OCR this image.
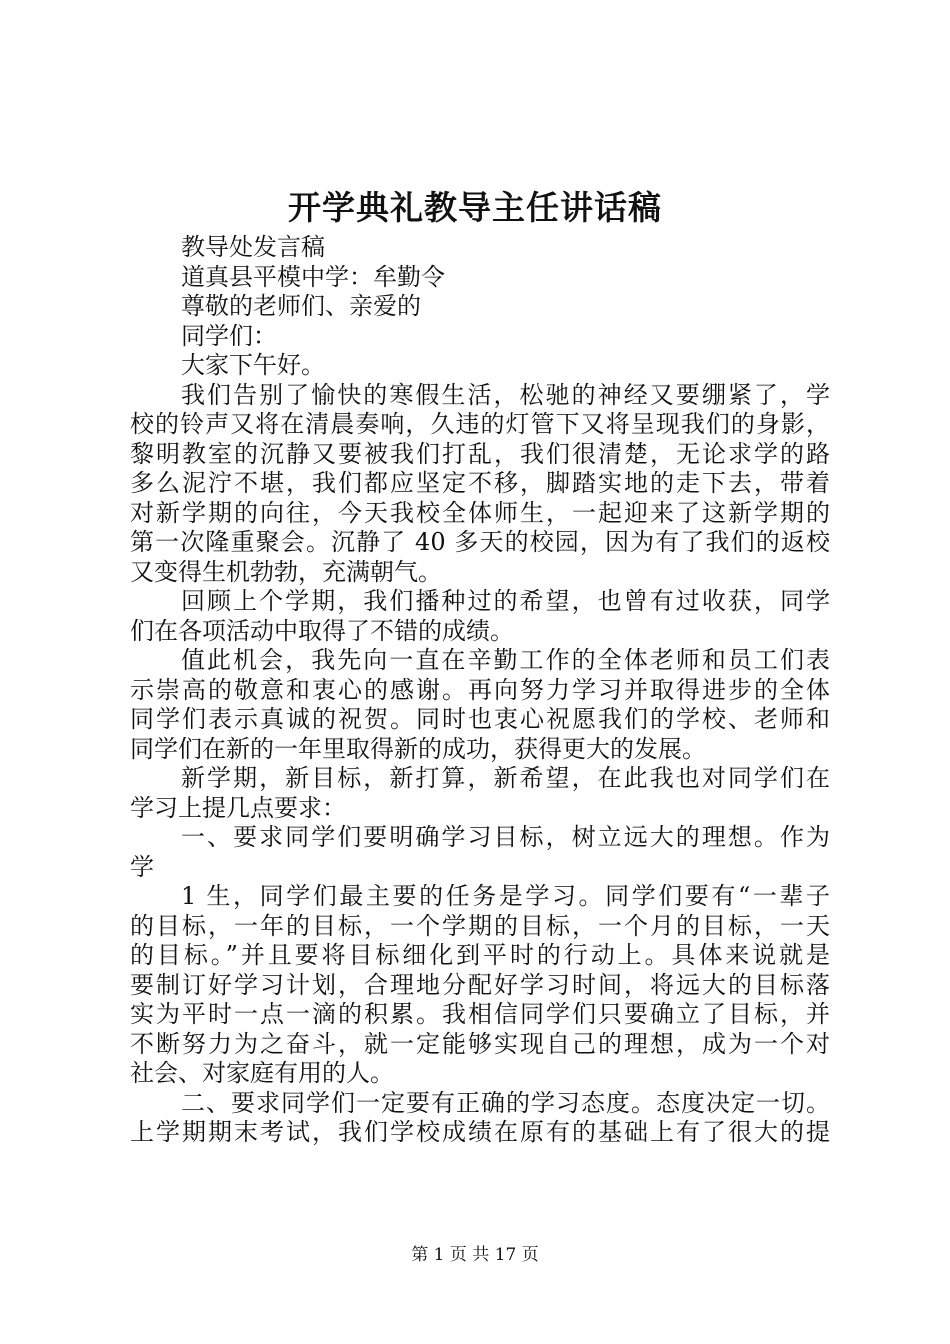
开学典礼教导主任讲话稿
教导处发言稿
道真县平模中学：牟勤令
尊敬的老师们、亲爱的
同学们：
大家下午好。
我们告别了愉快的寒假生活，松驰的神经又要绷紧了，学
校的铃声又将在清晨奏响，久违的灯管下又将呈现我们的身影，
黎明教室的沉静又要被我们打乱，我们很清楚，无论求学的路
多么泥泞不堪，我们都应坚定不移，脚踏实地的走下去，带着
对新学期的向往，今天我校全体师生，一起迎来了这新学期的
第一次隆重聚会。沉静了 40 多天的校园，因为有了我们的返校
又变得生机勃勃，充满朝气。
回顾上个学期，我们播种过的希望，也曾有过收获，同学
们在各项活动中取得了不错的成绩。
值此机会，我先向一直在辛勤工作的全体老师和员工们表
示崇高的敬意和衷心的感谢。再向努力学习并取得进步的全体
同学们表示真诚的祝贺。同时也衷心祝愿我们的学校、老师和
同学们在新的一年里取得新的成功，获得更大的发展。
新学期，新目标，新打算，新希望，在此我也对同学们在
学习上提几点要求：
一、要求同学们要明确学习目标，树立远大的理想。作为
学
1 生，同学们最主要的任务是学习。同学们要有“一辈子
的目标，一年的目标，一个学期的目标，一个月的目标，一天
的目标。”并且要将目标细化到平时的行动上。具体来说就是
要制订好学习计划，合理地分配好学习时间，将远大的目标落
实为平时一点一滴的积累。我相信同学们只要确立了目标，并
不断努力为之奋斗，就一定能够实现自己的理想，成为一个对
社会、对家庭有用的人。
二、要求同学们一定要有正确的学习态度。态度决定一切。
上学期期末考试，我们学校成绩在原有的基础上有了很大的提
第 1 页 共 17 页
